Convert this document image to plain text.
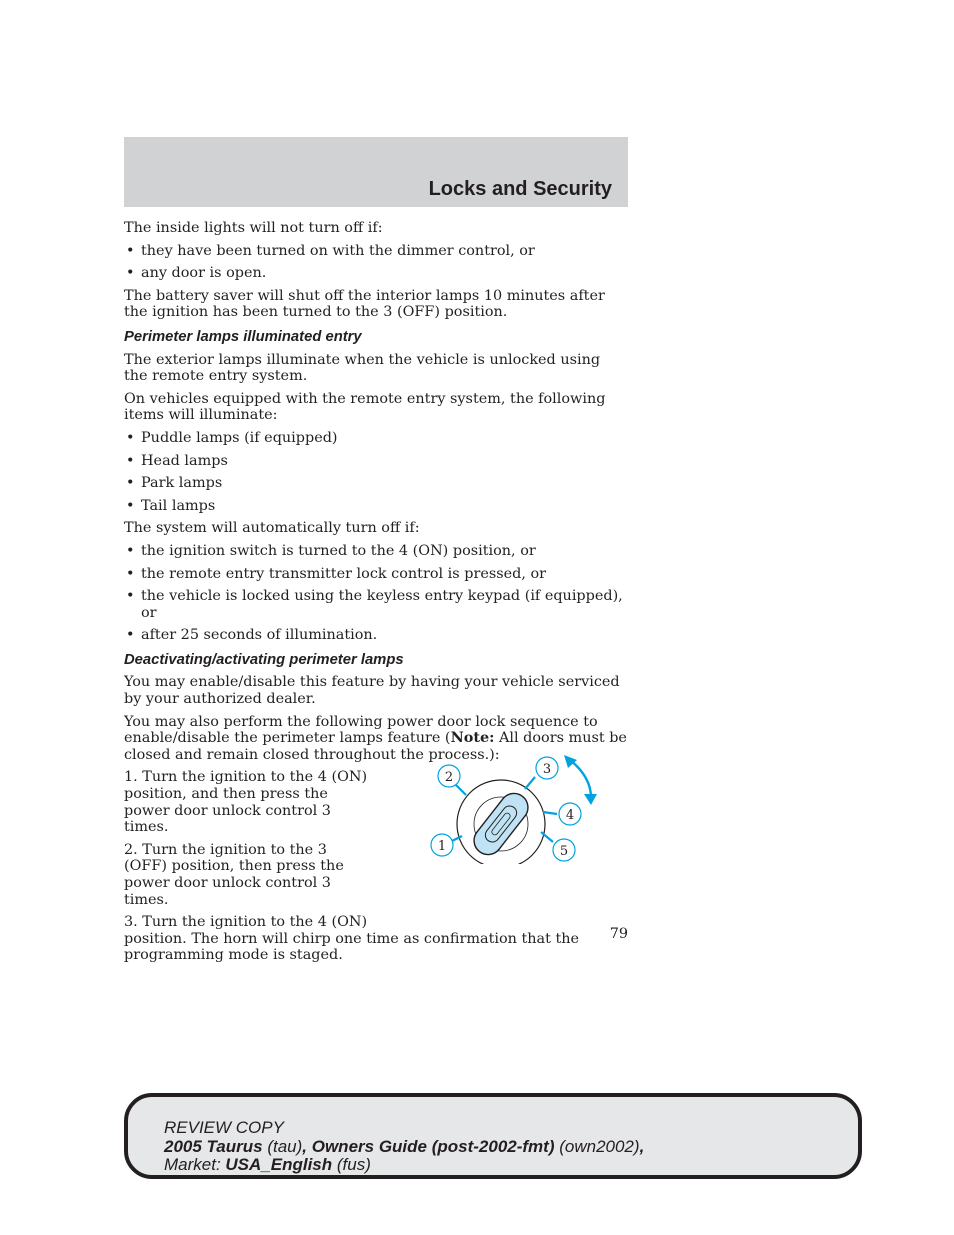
Locks and Security

The inside lights will not turn off if:

• they have been turned on with the dimmer control, or
• any door is open.

The battery saver will shut off the interior lamps 10 minutes after the ignition has been turned to the 3 (OFF) position.

Perimeter lamps illuminated entry

The exterior lamps illuminate when the vehicle is unlocked using the remote entry system.

On vehicles equipped with the remote entry system, the following items will illuminate:

• Puddle lamps (if equipped)
• Head lamps
• Park lamps
• Tail lamps

The system will automatically turn off if:

• the ignition switch is turned to the 4 (ON) position, or
• the remote entry transmitter lock control is pressed, or
• the vehicle is locked using the keyless entry keypad (if equipped), or
• after 25 seconds of illumination.

Deactivating/activating perimeter lamps

You may enable/disable this feature by having your vehicle serviced by your authorized dealer.

You may also perform the following power door lock sequence to enable/disable the perimeter lamps feature (Note: All doors must be closed and remain closed throughout the process.):

1. Turn the ignition to the 4 (ON) position, and then press the power door unlock control 3 times.

2. Turn the ignition to the 3 (OFF) position, then press the power door unlock control 3 times.

3. Turn the ignition to the 4 (ON)
position. The horn will chirp one time as confirmation that the programming mode is staged.

2
3
4
5
1
79
REVIEW COPY
2005 Taurus (tau), Owners Guide (post-2002-fmt) (own2002),
Market: USA_English (fus)
